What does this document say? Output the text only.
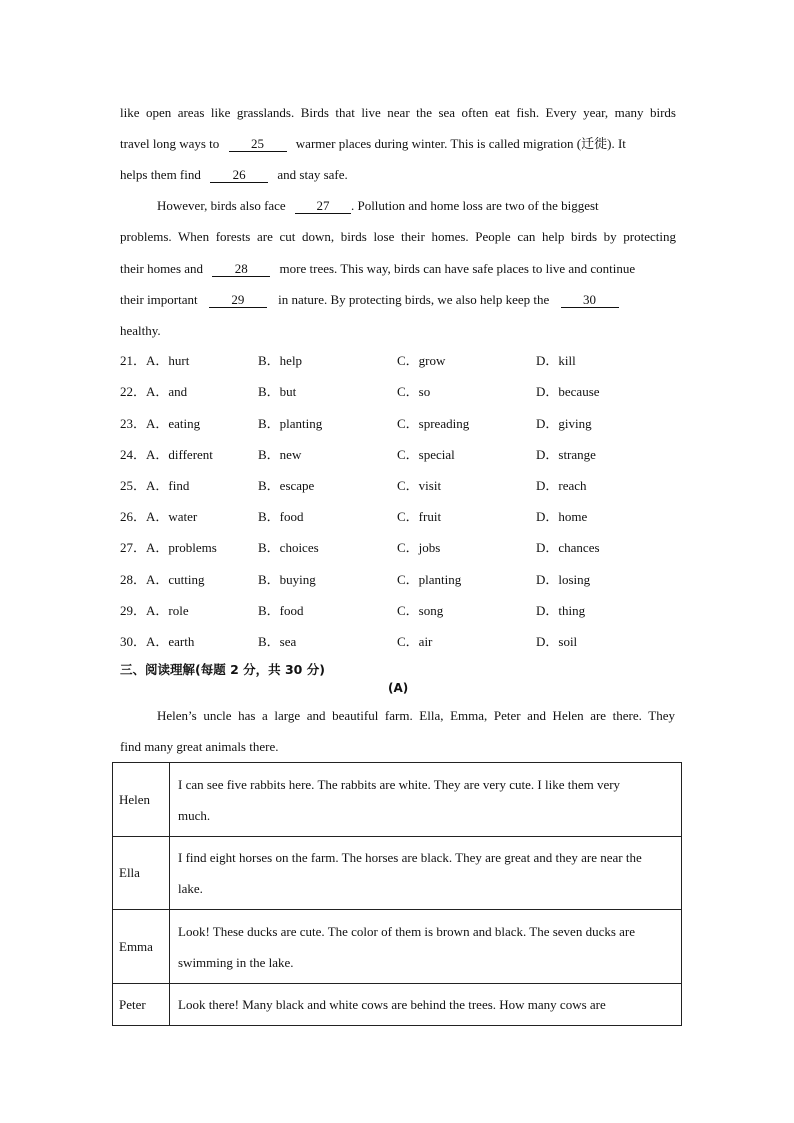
like open areas like grasslands. Birds that live near the sea often eat fish. Every year, many birds
travel long ways to 25 warmer places during winter. This is called migration (迁徙). It
helps them find 26 and stay safe.
However, birds also face 27 . Pollution and home loss are two of the biggest
problems. When forests are cut down, birds lose their homes. People can help birds by protecting
their homes and 28 more trees. This way, birds can have safe places to live and continue
their important	29	in nature. By protecting birds, we also help keep the	30
healthy.
21．A．hurt	B．help	C．grow	D．kill
22．A．and	B．but	C．so	D．because
23．A．eating	B．planting	C．spreading	D．giving
24．A．different	B．new	C．special	D．strange
25．A．find	B．escape	C．visit	D．reach
26．A．water	B．food	C．fruit	D．home
27．A．problems	B．choices	C．jobs	D．chances
28．A．cutting	B．buying	C．planting	D．losing
29．A．role	B．food	C．song	D．thing
30．A．earth	B．sea	C．air	D．soil
三、阅读理解(每题 2 分，共 30 分)
(A)
Helen’s uncle has a large and beautiful farm. Ella, Emma, Peter and Helen are there. They
find many great animals there.
Helen	I can see five rabbits here. The rabbits are white. They are very cute. I like them very
much.

Ella	I find eight horses on the farm. The horses are black. They are great and they are near the
lake.

Emma	Look! These ducks are cute. The color of them is brown and black. The seven ducks are
swimming in the lake.

Peter	Look there! Many black and white cows are behind the trees. How many cows are
